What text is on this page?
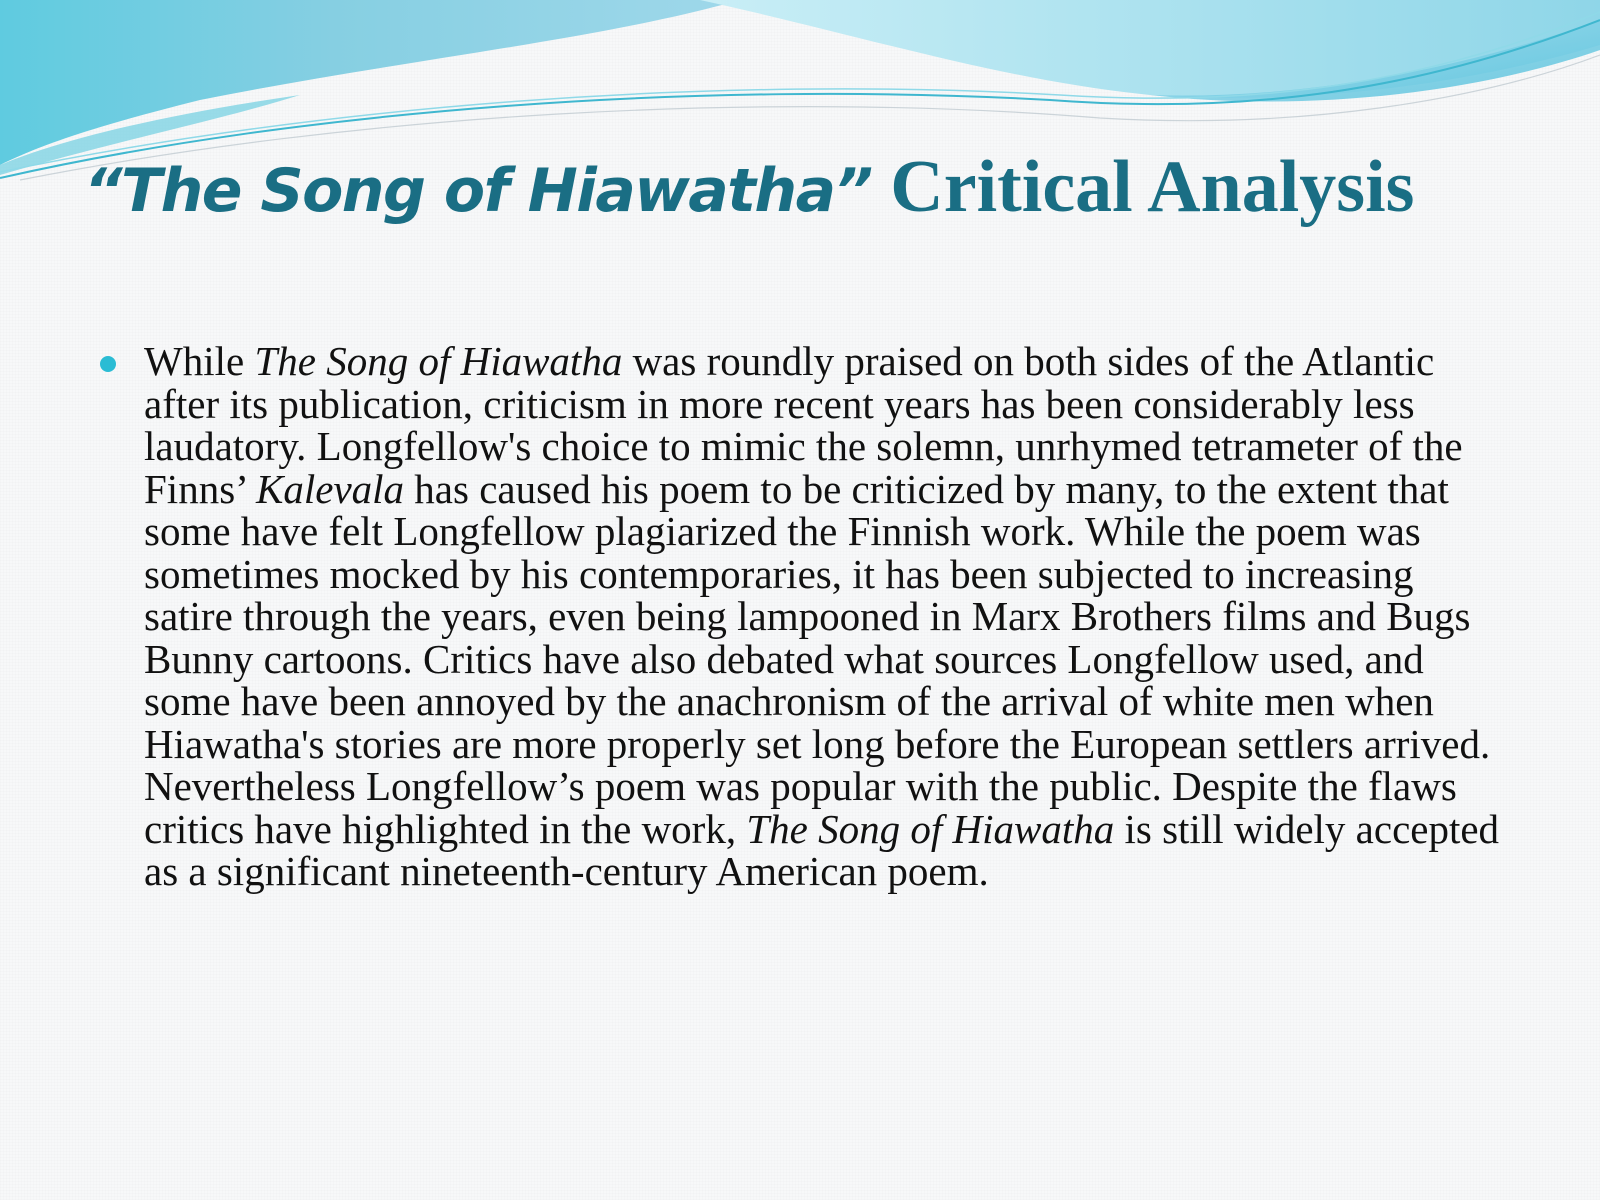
“The Song of Hiawatha” Critical Analysis

While The Song of Hiawatha was roundly praised on both sides of the Atlantic after its publication, criticism in more recent years has been considerably less laudatory. Longfellow's choice to mimic the solemn, unrhymed tetrameter of the Finns’ Kalevala has caused his poem to be criticized by many, to the extent that some have felt Longfellow plagiarized the Finnish work. While the poem was sometimes mocked by his contemporaries, it has been subjected to increasing satire through the years, even being lampooned in Marx Brothers films and Bugs Bunny cartoons. Critics have also debated what sources Longfellow used, and some have been annoyed by the anachronism of the arrival of white men when Hiawatha's stories are more properly set long before the European settlers arrived. Nevertheless Longfellow’s poem was popular with the public. Despite the flaws critics have highlighted in the work, The Song of Hiawatha is still widely accepted as a significant nineteenth-century American poem.
